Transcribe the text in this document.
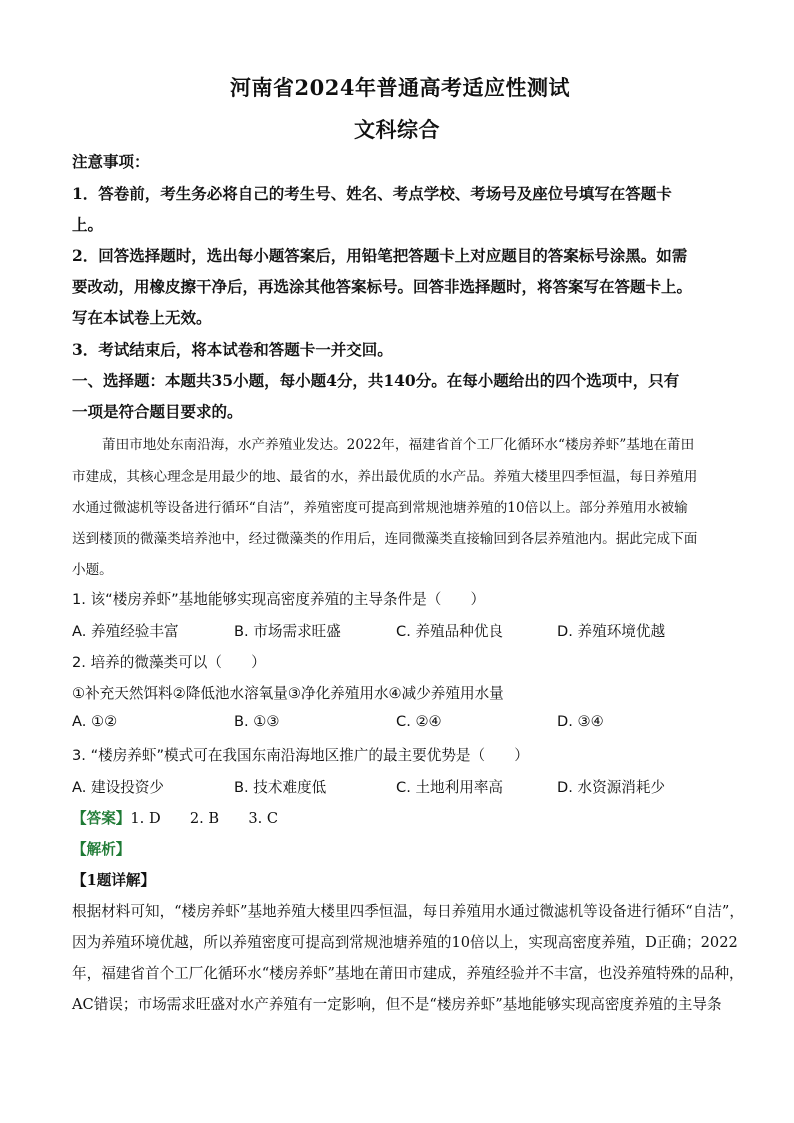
河南省2024年普通高考适应性测试
文科综合
注意事项：
1．答卷前，考生务必将自己的考生号、姓名、考点学校、考场号及座位号填写在答题卡
上。
2．回答选择题时，选出每小题答案后，用铅笔把答题卡上对应题目的答案标号涂黑。如需
要改动，用橡皮擦干净后，再选涂其他答案标号。回答非选择题时，将答案写在答题卡上。
写在本试卷上无效。
3．考试结束后，将本试卷和答题卡一并交回。
一、选择题：本题共35小题，每小题4分，共140分。在每小题给出的四个选项中，只有
一项是符合题目要求的。
莆田市地处东南沿海，水产养殖业发达。2022年，福建省首个工厂化循环水“楼房养虾”基地在莆田
市建成，其核心理念是用最少的地、最省的水，养出最优质的水产品。养殖大楼里四季恒温，每日养殖用
水通过微滤机等设备进行循环“自洁”，养殖密度可提高到常规池塘养殖的10倍以上。部分养殖用水被输
送到楼顶的微藻类培养池中，经过微藻类的作用后，连同微藻类直接输回到各层养殖池内。据此完成下面
小题。
1. 该“楼房养虾”基地能够实现高密度养殖的主导条件是（　　）
A. 养殖经验丰富	B. 市场需求旺盛	C. 养殖品种优良	D. 养殖环境优越
2. 培养的微藻类可以（　　）
①补充天然饵料②降低池水溶氧量③净化养殖用水④减少养殖用水量
A. ①②	B. ①③	C. ②④	D. ③④
3. “楼房养虾”模式可在我国东南沿海地区推广的最主要优势是（　　）
A. 建设投资少	B. 技术难度低	C. 土地利用率高	D. 水资源消耗少
【答案】1. D　　2. B　　3. C
【解析】
【1题详解】
根据材料可知，“楼房养虾”基地养殖大楼里四季恒温，每日养殖用水通过微滤机等设备进行循环“自洁”，
因为养殖环境优越，所以养殖密度可提高到常规池塘养殖的10倍以上，实现高密度养殖，D正确；2022
年，福建省首个工厂化循环水“楼房养虾”基地在莆田市建成，养殖经验并不丰富，也没养殖特殊的品种，
AC错误；市场需求旺盛对水产养殖有一定影响，但不是“楼房养虾”基地能够实现高密度养殖的主导条
